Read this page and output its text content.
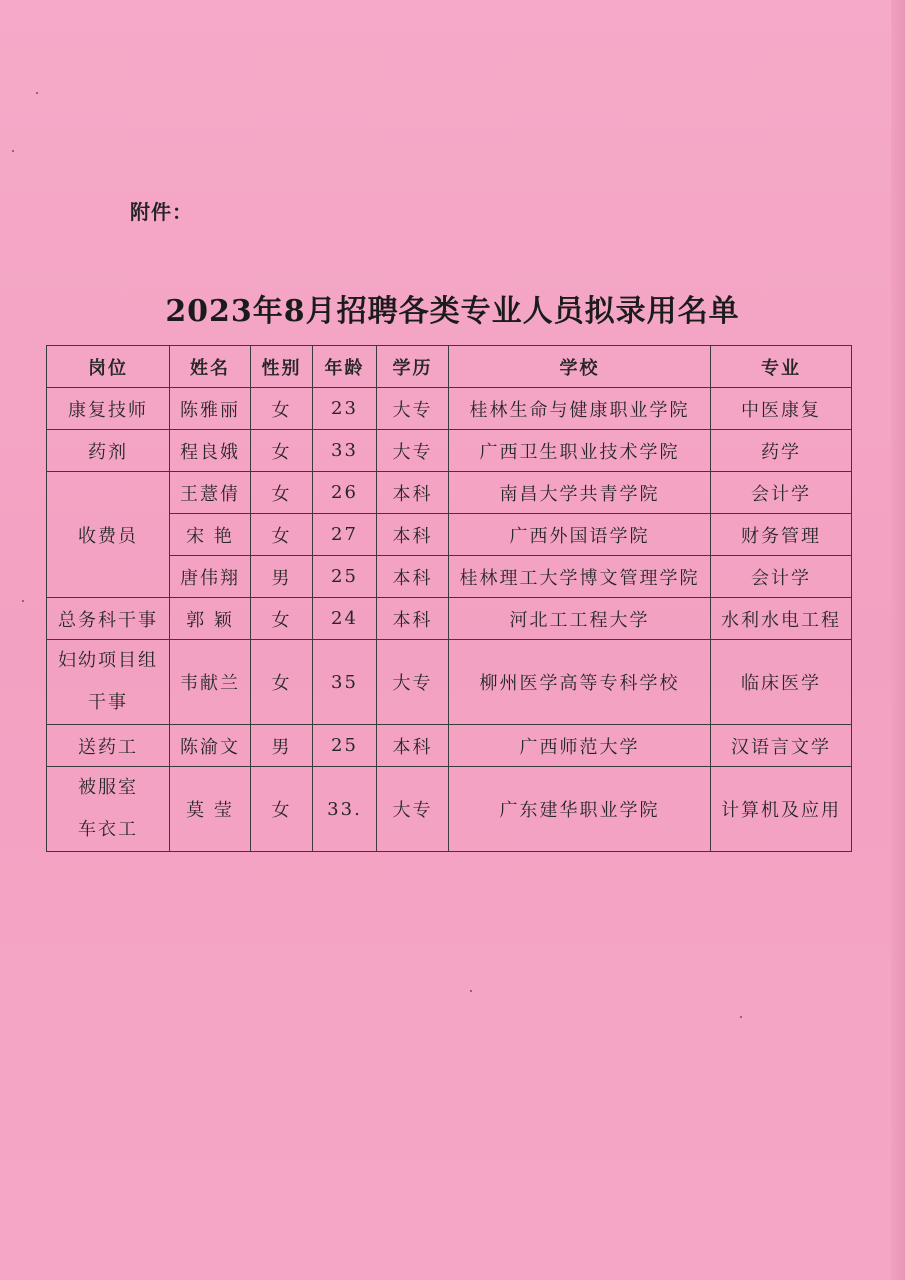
附件：
2023年8月招聘各类专业人员拟录用名单
岗位	姓名	性别	年龄	学历	学校	专业
康复技师	陈雅丽	女	23	大专	桂林生命与健康职业学院	中医康复
药剂	程良娥	女	33	大专	广西卫生职业技术学院	药学
收费员	王薏倩	女	26	本科	南昌大学共青学院	会计学
	宋 艳	女	27	本科	广西外国语学院	财务管理
	唐伟翔	男	25	本科	桂林理工大学博文管理学院	会计学
总务科干事	郭 颖	女	24	本科	河北工工程大学	水利水电工程

妇幼项目组
干事	韦献兰	女	35	大专	柳州医学高等专科学校	临床医学
送药工	陈渝文	男	25	本科	广西师范大学	汉语言文学

被服室
车衣工	莫 莹	女	33.	大专	广东建华职业学院	计算机及应用
